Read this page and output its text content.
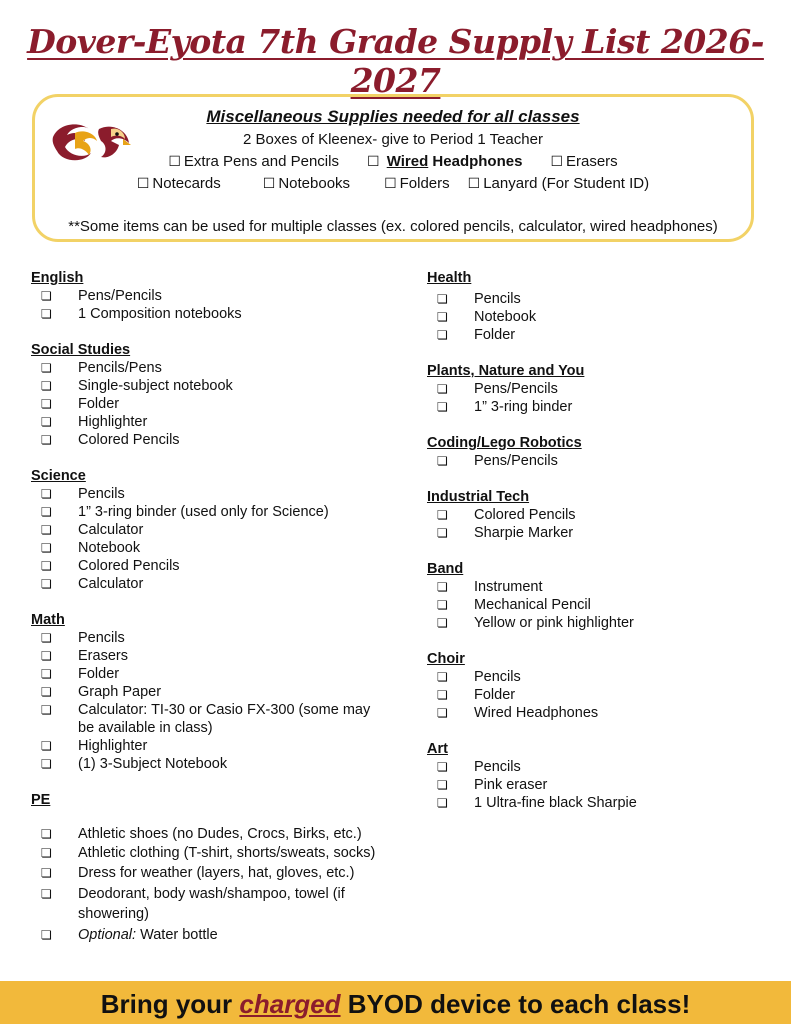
Dover-Eyota 7th Grade Supply List 2026-2027
Miscellaneous Supplies needed for all classes
2 Boxes of Kleenex- give to Period 1 Teacher
☐ Extra Pens and Pencils ☐ Wired Headphones ☐ Erasers
☐ Notecards	☐ Notebooks ☐ Folders ☐ Lanyard (For Student ID)
**Some items can be used for multiple classes (ex. colored pencils, calculator, wired headphones)
English
❏ Pens/Pencils
❏ 1 Composition notebooks
Social Studies
❏ Pencils/Pens
❏ Single-subject notebook
❏ Folder
❏ Highlighter
❏ Colored Pencils
Science
❏ Pencils
❏ 1” 3-ring binder (used only for Science)
❏ Calculator
❏ Notebook
❏ Colored Pencils
❏ Calculator
Math
❏ Pencils
❏ Erasers
❏ Folder
❏ Graph Paper
❏ Calculator: TI-30 or Casio FX-300 (some may
be available in class)
❏ Highlighter
❏ (1) 3-Subject Notebook
PE
❏ Athletic shoes (no Dudes, Crocs, Birks, etc.)
❏ Athletic clothing (T-shirt, shorts/sweats, socks)
❏ Dress for weather (layers, hat, gloves, etc.)
❏ Deodorant, body wash/shampoo, towel (if
showering)
❏ Optional: Water bottle
Health
❏ Pencils
❏ Notebook
❏ Folder
Plants, Nature and You
❏ Pens/Pencils
❏ 1” 3-ring binder
Coding/Lego Robotics
❏ Pens/Pencils
Industrial Tech
❏ Colored Pencils
❏ Sharpie Marker
Band
❏ Instrument
❏ Mechanical Pencil
❏ Yellow or pink highlighter
Choir
❏ Pencils
❏ Folder
❏ Wired Headphones
Art
❏ Pencils
❏ Pink eraser
❏ 1 Ultra-fine black Sharpie
Bring your charged BYOD device to each class!
